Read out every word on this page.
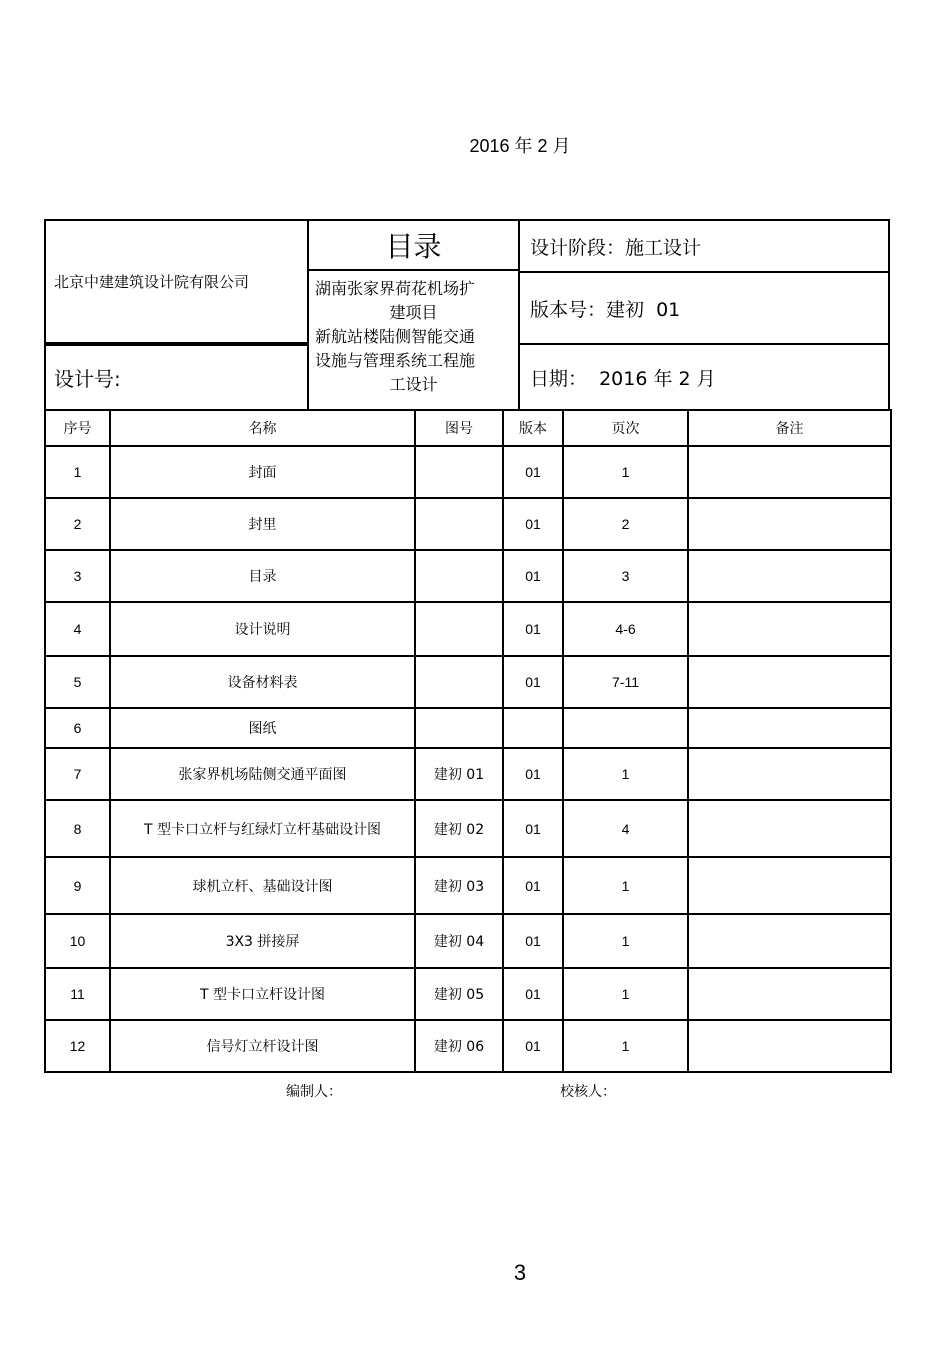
2016 年 2 月
北京中建建筑设计院有限公司
设计号:
湖南张家界荷花机场扩
建项目
新航站楼陆侧智能交通
设施与管理系统工程施
工设计
目录	设计阶段：施工设计
版本号：建初  01
日期：  2016 年 2 月
序号	名称	图号	版本	页次	备注
1	封面		01	1	
2	封里		01	2	
3	目录		01	3	
4	设计说明		01	4-6	
5	设备材料表		01	7-11	
6	图纸				
7	张家界机场陆侧交通平面图	建初 01	01	1	
8	T 型卡口立杆与红绿灯立杆基础设计图	建初 02	01	4	
9	球机立杆、基础设计图	建初 03	01	1	
10	3X3 拼接屏	建初 04	01	1	
11	T 型卡口立杆设计图	建初 05	01	1	
12	信号灯立杆设计图	建初 06	01	1	
编制人：	校核人：
3
